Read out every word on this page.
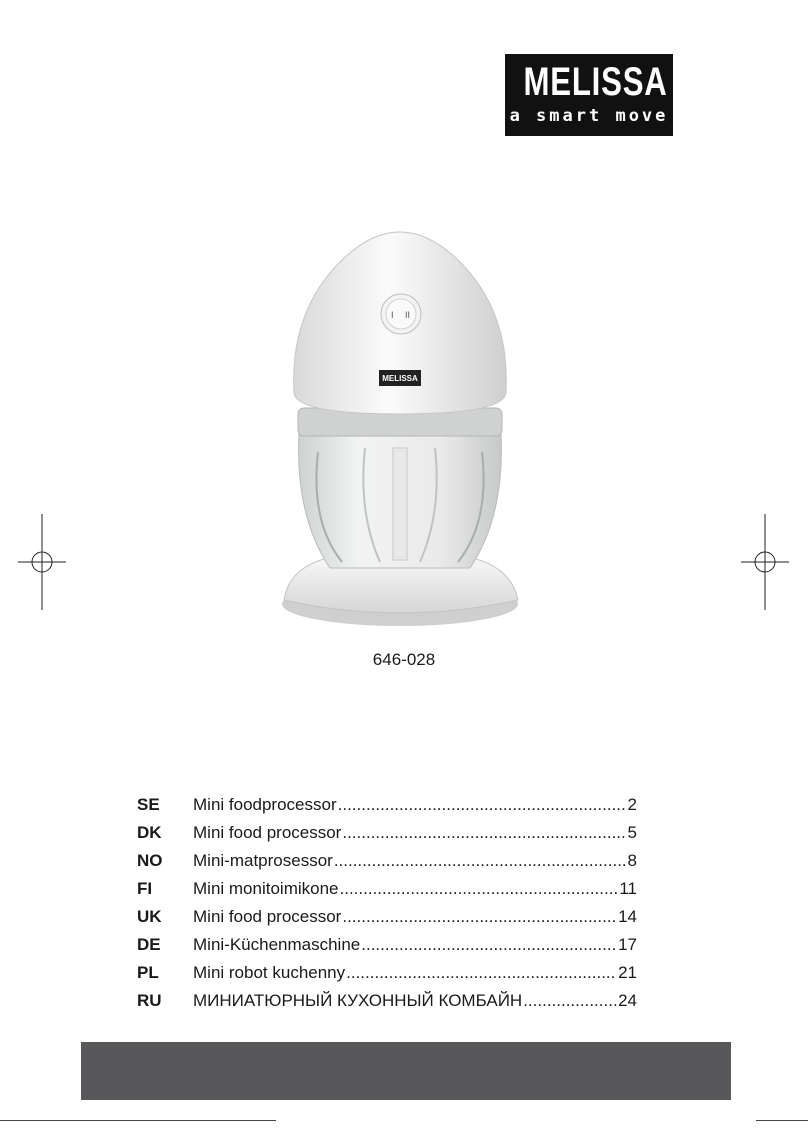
MELISSA
a smart move
I II
MELISSA
646-028
SE	Mini foodprocessor .....	2
DK	Mini food processor .....	5
NO	Mini-matprosessor .....	8
FI	Mini monitoimikone .....	11
UK	Mini food processor .....	14
DE	Mini-Küchenmaschine .....	17
PL	Mini robot kuchenny .....	21
RU	МИНИАТЮРНЫЙ КУХОННЫЙ КОМБАЙН .....	24
